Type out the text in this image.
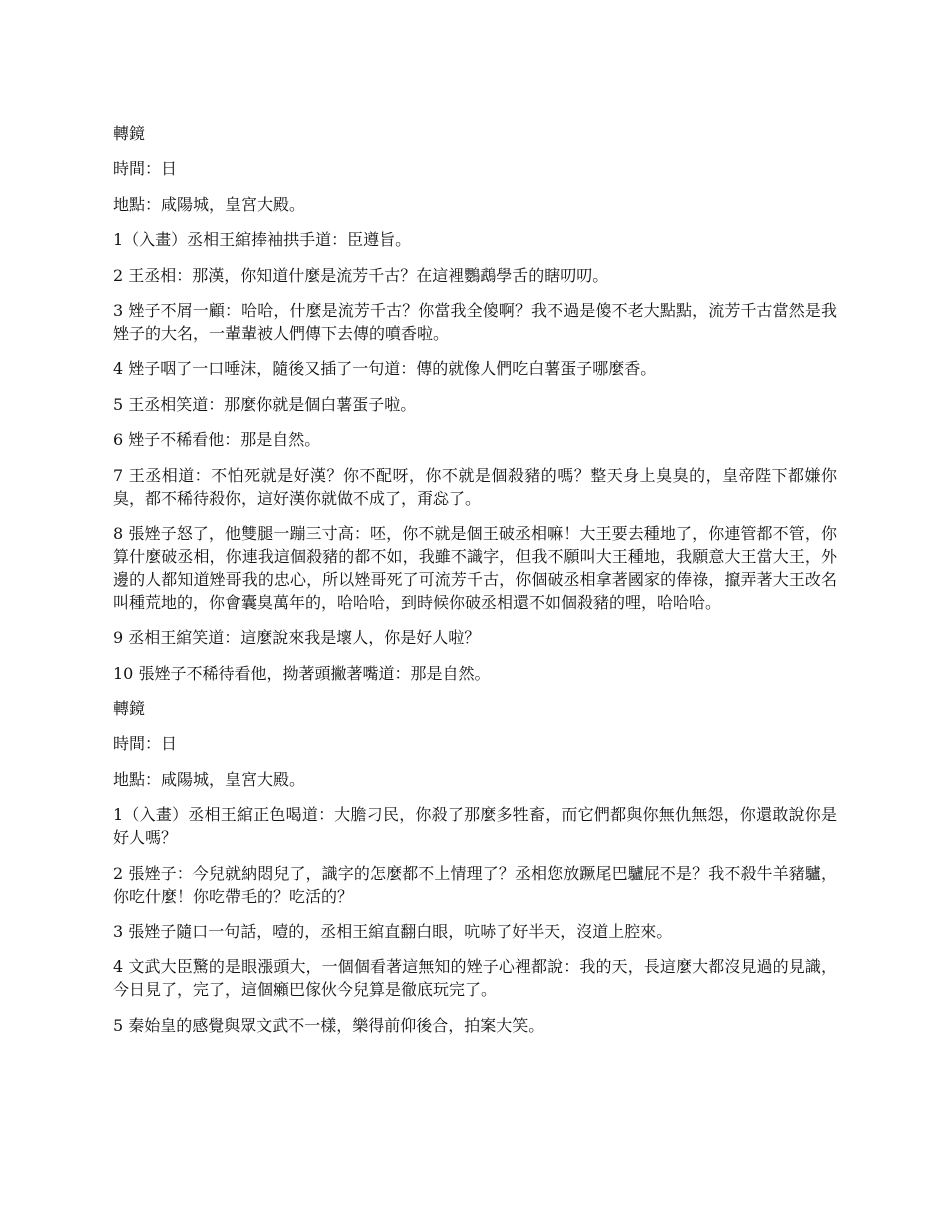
轉鏡

時間：日

地點：咸陽城，皇宮大殿。

1（入畫）丞相王綰捧袖拱手道：臣遵旨。

2 王丞相：那漢，你知道什麼是流芳千古？在這裡鸚鵡學舌的瞎叨叨。

3 矬子不屑一顧：哈哈，什麼是流芳千古？你當我全傻啊？我不過是傻不老大點點，流芳千古當然是我矬子的大名，一輩輩被人們傳下去傳的噴香啦。

4 矬子咽了一口唾沫，隨後又插了一句道：傳的就像人們吃白薯蛋子哪麼香。

5 王丞相笑道：那麼你就是個白薯蛋子啦。

6 矬子不稀看他：那是自然。

7 王丞相道：不怕死就是好漢？你不配呀，你不就是個殺豬的嗎？整天身上臭臭的，皇帝陛下都嫌你臭，都不稀待殺你，這好漢你就做不成了，甭惢了。

8 張矬子怒了，他雙腿一蹦三寸高：呸，你不就是個王破丞相嘛！大王要去種地了，你連管都不管，你算什麼破丞相，你連我這個殺豬的都不如，我雖不識字，但我不願叫大王種地，我願意大王當大王，外邊的人都知道矬哥我的忠心，所以矬哥死了可流芳千古，你個破丞相拿著國家的俸祿，攛弄著大王改名叫種荒地的，你會囊臭萬年的，哈哈哈，到時候你破丞相還不如個殺豬的哩，哈哈哈。

9 丞相王綰笑道：這麼說來我是壞人，你是好人啦？

10 張矬子不稀待看他，拗著頭撇著嘴道：那是自然。

轉鏡

時間：日

地點：咸陽城，皇宮大殿。

1（入畫）丞相王綰正色喝道：大膽刁民，你殺了那麼多牲畜，而它們都與你無仇無怨，你還敢說你是好人嗎？

2 張矬子：今兒就納悶兒了，識字的怎麼都不上情理了？丞相您放蹶尾巴驢屁不是？我不殺牛羊豬驢，你吃什麼！你吃帶毛的？吃活的？

3 張矬子隨口一句話，噎的，丞相王綰直翻白眼，吭哧了好半天，沒道上腔來。

4 文武大臣驚的是眼漲頭大，一個個看著這無知的矬子心裡都說：我的天，長這麼大都沒見過的見識，今日見了，完了，這個癩巴傢伙今兒算是徹底玩完了。

5 秦始皇的感覺與眾文武不一樣，樂得前仰後合，拍案大笑。
